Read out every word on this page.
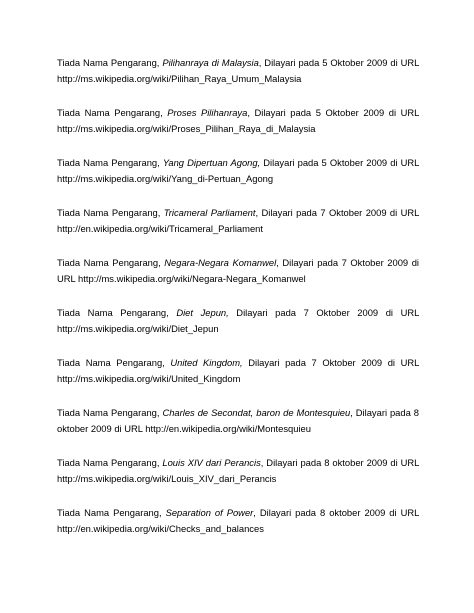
Tiada Nama Pengarang, Pilihanraya di Malaysia, Dilayari pada 5 Oktober 2009 di URL http://ms.wikipedia.org/wiki/Pilihan_Raya_Umum_Malaysia

Tiada Nama Pengarang, Proses Pilihanraya, Dilayari pada 5 Oktober 2009 di URL http://ms.wikipedia.org/wiki/Proses_Pilihan_Raya_di_Malaysia

Tiada Nama Pengarang, Yang Dipertuan Agong, Dilayari pada 5 Oktober 2009 di URL http://ms.wikipedia.org/wiki/Yang_di-Pertuan_Agong

Tiada Nama Pengarang, Tricameral Parliament, Dilayari pada 7 Oktober 2009 di URL http://en.wikipedia.org/wiki/Tricameral_Parliament

Tiada Nama Pengarang, Negara-Negara Komanwel, Dilayari pada 7 Oktober 2009 di URL http://ms.wikipedia.org/wiki/Negara-Negara_Komanwel

Tiada Nama Pengarang, Diet Jepun, Dilayari pada 7 Oktober 2009 di URL http://ms.wikipedia.org/wiki/Diet_Jepun

Tiada Nama Pengarang, United Kingdom, Dilayari pada 7 Oktober 2009 di URL http://ms.wikipedia.org/wiki/United_Kingdom

Tiada Nama Pengarang, Charles de Secondat, baron de Montesquieu, Dilayari pada 8 oktober 2009 di URL http://en.wikipedia.org/wiki/Montesquieu

Tiada Nama Pengarang, Louis XIV dari Perancis, Dilayari pada 8 oktober 2009 di URL http://ms.wikipedia.org/wiki/Louis_XIV_dari_Perancis

Tiada Nama Pengarang, Separation of Power, Dilayari pada 8 oktober 2009 di URL http://en.wikipedia.org/wiki/Checks_and_balances
